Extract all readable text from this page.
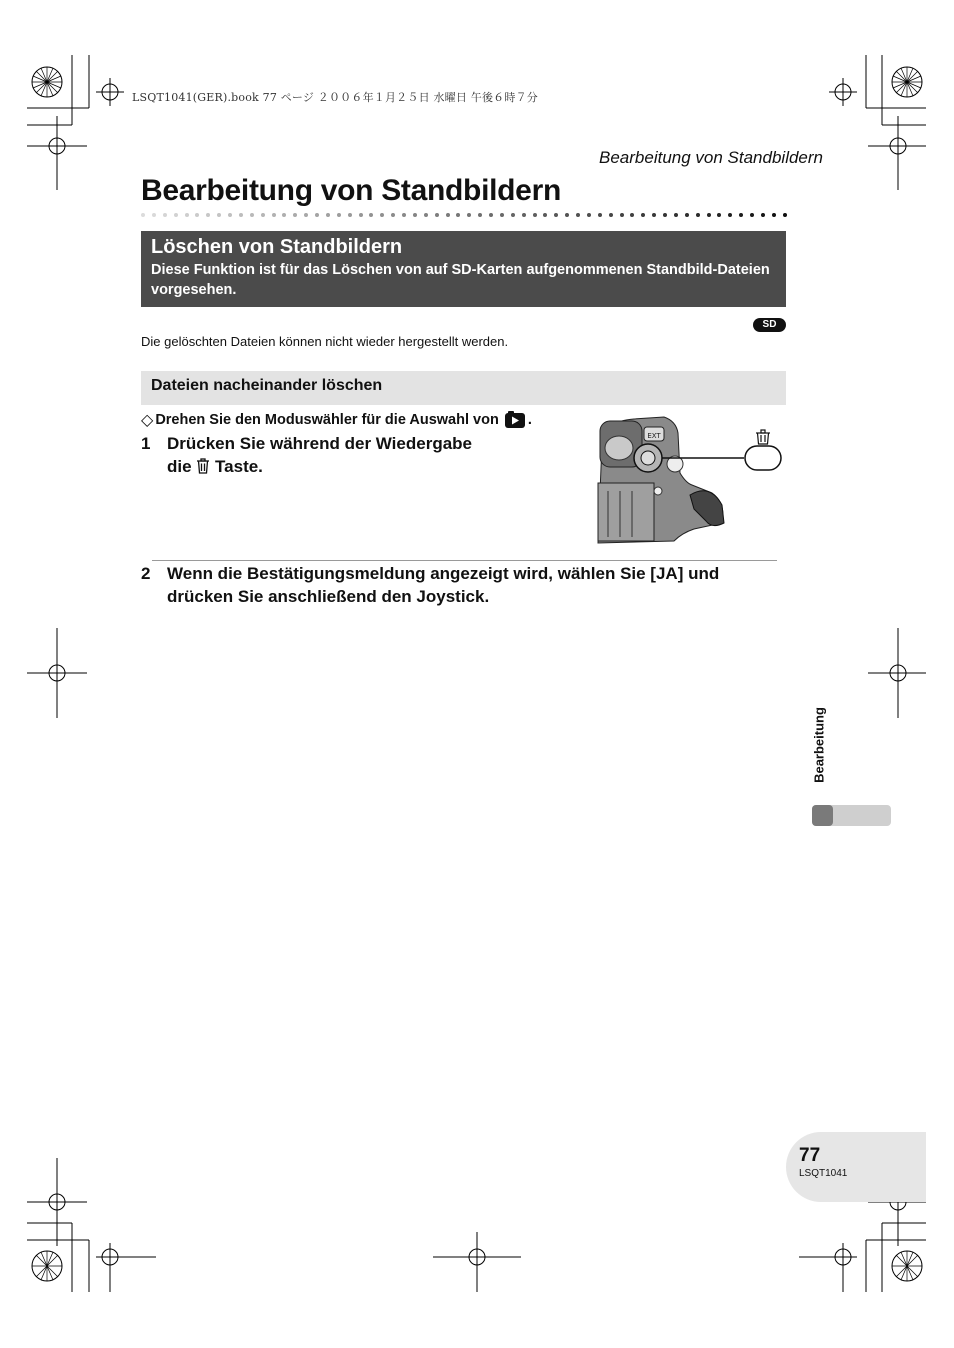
LSQT1041(GER).book 77 ページ ２００６年１月２５日 水曜日 午後６時７分
Bearbeitung von Standbildern
Bearbeitung von Standbildern
Löschen von Standbildern
Diese Funktion ist für das Löschen von auf SD-Karten aufgenommenen Standbild-Dateien vorgesehen.
SD
Die gelöschten Dateien können nicht wieder hergestellt werden.
Dateien nacheinander löschen
◇ Drehen Sie den Moduswähler für die Auswahl von .
1 Drücken Sie während der Wiedergabe
die Taste.
EXT
2 Wenn die Bestätigungsmeldung angezeigt wird, wählen Sie [JA] und
drücken Sie anschließend den Joystick.
Bearbeitung
77
LSQT1041
